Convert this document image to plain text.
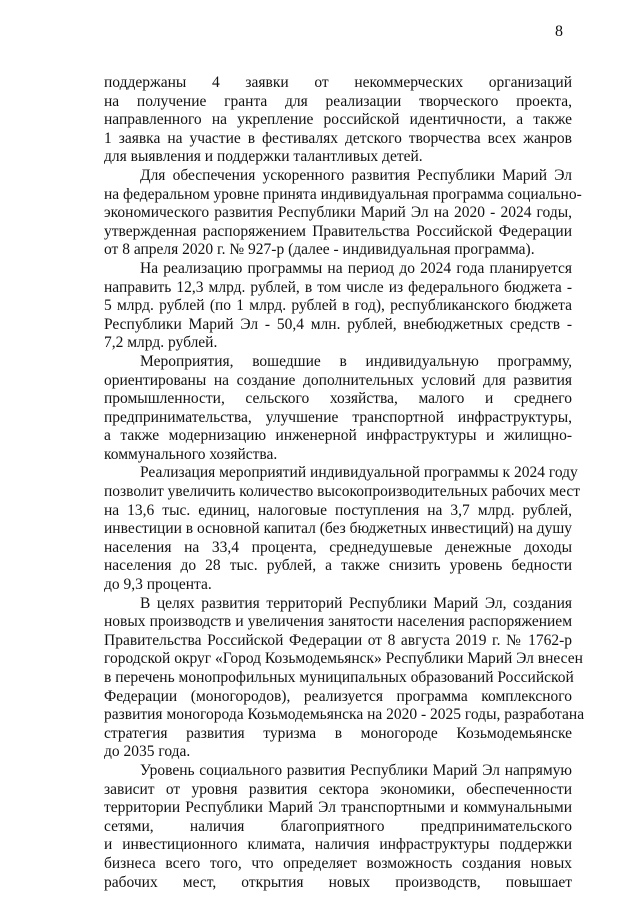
8
поддержаны 4 заявки от некоммерческих организаций
на получение гранта для реализации творческого проекта,
направленного на укрепление российской идентичности, а также
1 заявка на участие в фестивалях детского творчества всех жанров
для выявления и поддержки талантливых детей.
Для обеспечения ускоренного развития Республики Марий Эл
на федеральном уровне принята индивидуальная программа социально-
экономического развития Республики Марий Эл на 2020 - 2024 годы,
утвержденная распоряжением Правительства Российской Федерации
от 8 апреля 2020 г. № 927-р (далее - индивидуальная программа).
На реализацию программы на период до 2024 года планируется
направить 12,3 млрд. рублей, в том числе из федерального бюджета -
5 млрд. рублей (по 1 млрд. рублей в год), республиканского бюджета
Республики Марий Эл - 50,4 млн. рублей, внебюджетных средств -
7,2 млрд. рублей.
Мероприятия, вошедшие в индивидуальную программу,
ориентированы на создание дополнительных условий для развития
промышленности, сельского хозяйства, малого и среднего
предпринимательства, улучшение транспортной инфраструктуры,
а также модернизацию инженерной инфраструктуры и жилищно-
коммунального хозяйства.
Реализация мероприятий индивидуальной программы к 2024 году
позволит увеличить количество высокопроизводительных рабочих мест
на 13,6 тыс. единиц, налоговые поступления на 3,7 млрд. рублей,
инвестиции в основной капитал (без бюджетных инвестиций) на душу
населения на 33,4 процента, среднедушевые денежные доходы
населения до 28 тыс. рублей, а также снизить уровень бедности
до 9,3 процента.
В целях развития территорий Республики Марий Эл, создания
новых производств и увеличения занятости населения распоряжением
Правительства Российской Федерации от 8 августа 2019 г. № 1762-р
городской округ «Город Козьмодемьянск» Республики Марий Эл внесен
в перечень монопрофильных муниципальных образований Российской
Федерации (моногородов), реализуется программа комплексного
развития моногорода Козьмодемьянска на 2020 - 2025 годы, разработана
стратегия развития туризма в моногороде Козьмодемьянске
до 2035 года.
Уровень социального развития Республики Марий Эл напрямую
зависит от уровня развития сектора экономики, обеспеченности
территории Республики Марий Эл транспортными и коммунальными
сетями, наличия благоприятного предпринимательского
и инвестиционного климата, наличия инфраструктуры поддержки
бизнеса всего того, что определяет возможность создания новых
рабочих мест, открытия новых производств, повышает
